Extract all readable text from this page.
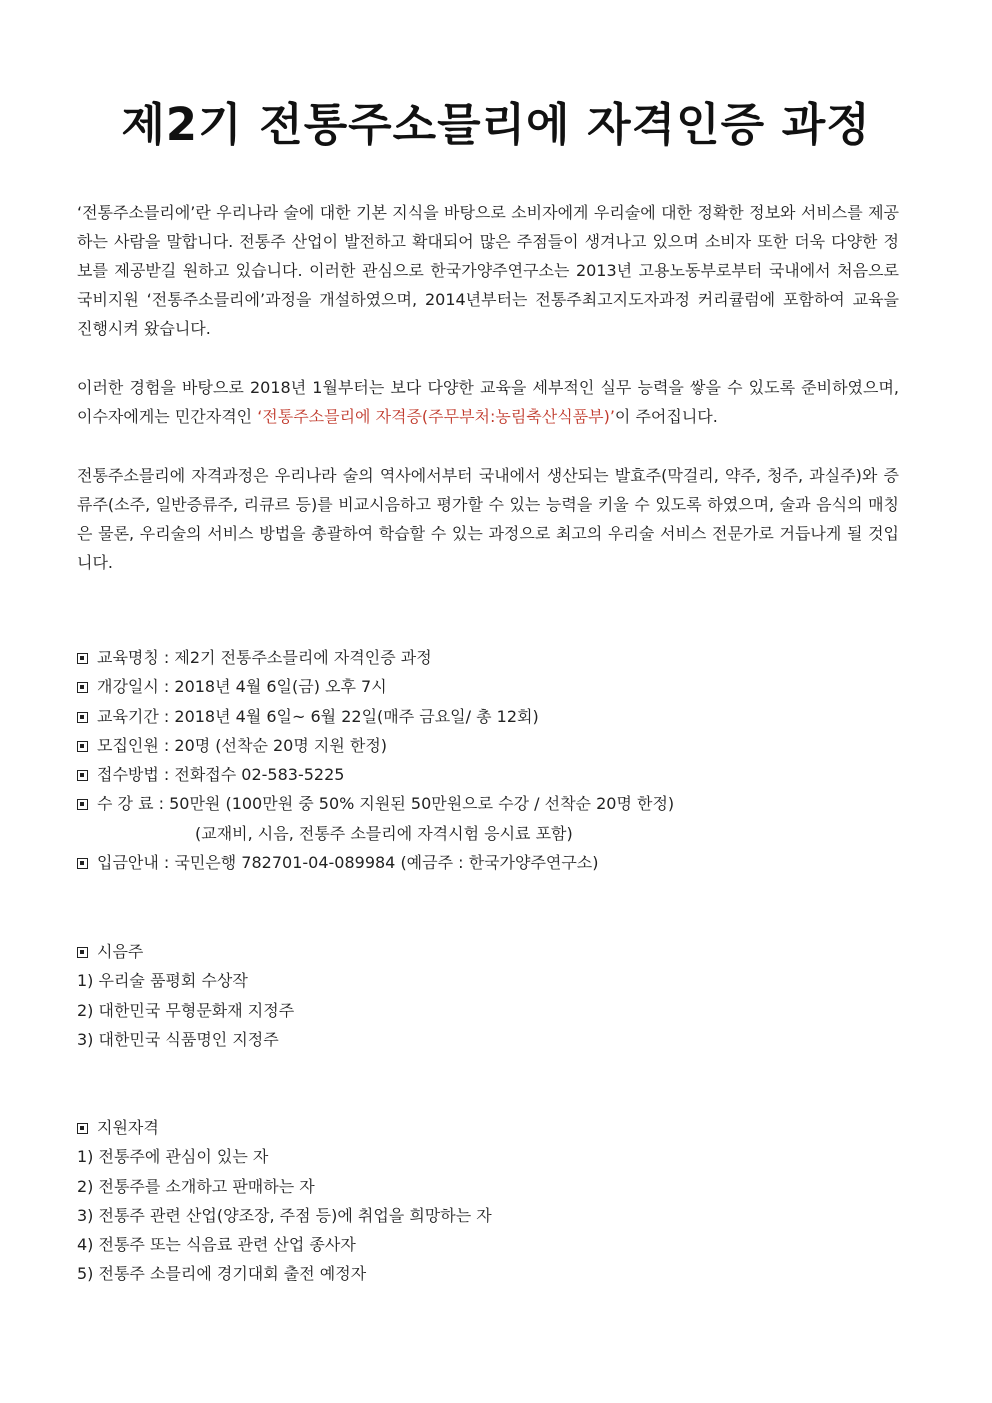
제2기 전통주소믈리에 자격인증 과정

‘전통주소믈리에’란 우리나라 술에 대한 기본 지식을 바탕으로 소비자에게 우리술에 대한 정확한 정보와 서비스를 제공하는 사람을 말합니다. 전통주 산업이 발전하고 확대되어 많은 주점들이 생겨나고 있으며 소비자 또한 더욱 다양한 정보를 제공받길 원하고 있습니다. 이러한 관심으로 한국가양주연구소는 2013년 고용노동부로부터 국내에서 처음으로 국비지원 ‘전통주소믈리에’과정을 개설하였으며, 2014년부터는 전통주최고지도자과정 커리큘럼에 포함하여 교육을 진행시켜 왔습니다.

이러한 경험을 바탕으로 2018년 1월부터는 보다 다양한 교육을 세부적인 실무 능력을 쌓을 수 있도록 준비하였으며, 이수자에게는 민간자격인 ‘전통주소믈리에 자격증(주무부처:농림축산식품부)’이 주어집니다.

전통주소믈리에 자격과정은 우리나라 술의 역사에서부터 국내에서 생산되는 발효주(막걸리, 약주, 청주, 과실주)와 증류주(소주, 일반증류주, 리큐르 등)를 비교시음하고 평가할 수 있는 능력을 키울 수 있도록 하였으며, 술과 음식의 매칭은 물론, 우리술의 서비스 방법을 총괄하여 학습할 수 있는 과정으로 최고의 우리술 서비스 전문가로 거듭나게 될 것입니다.

교육명칭 : 제2기 전통주소믈리에 자격인증 과정
개강일시 : 2018년 4월 6일(금) 오후 7시
교육기간 : 2018년 4월 6일~ 6월 22일(매주 금요일/ 총 12회)
모집인원 : 20명 (선착순 20명 지원 한정)
접수방법 : 전화접수 02-583-5225
수 강 료 : 50만원 (100만원 중 50% 지원된 50만원으로 수강 / 선착순 20명 한정)
(교재비, 시음, 전통주 소믈리에 자격시험 응시료 포함)
입금안내 : 국민은행 782701-04-089984 (예금주 : 한국가양주연구소)
시음주
1) 우리술 품평회 수상작
2) 대한민국 무형문화재 지정주
3) 대한민국 식품명인 지정주
지원자격
1) 전통주에 관심이 있는 자
2) 전통주를 소개하고 판매하는 자
3) 전통주 관련 산업(양조장, 주점 등)에 취업을 희망하는 자
4) 전통주 또는 식음료 관련 산업 종사자
5) 전통주 소믈리에 경기대회 출전 예정자
